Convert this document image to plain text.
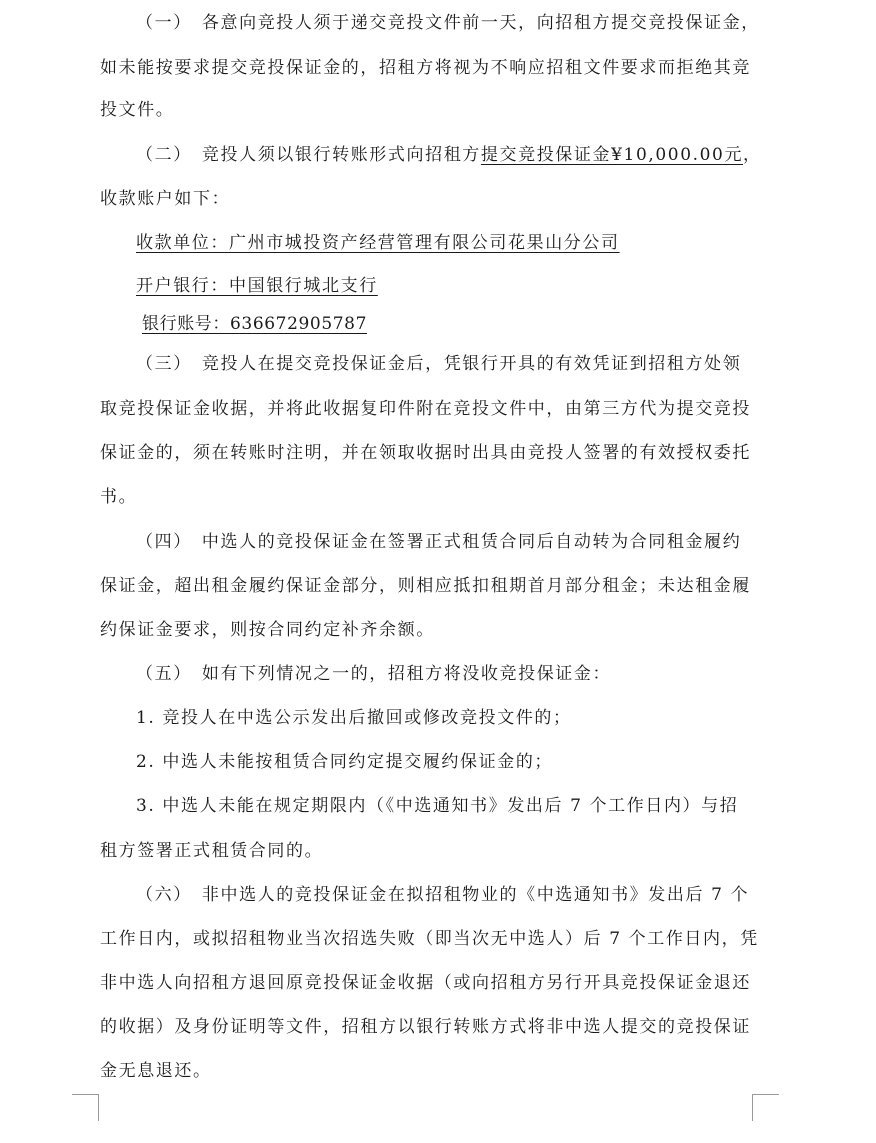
（一）　各意向竞投人须于递交竞投文件前一天，向招租方提交竞投保证金，
如未能按要求提交竞投保证金的，招租方将视为不响应招租文件要求而拒绝其竞
投文件。
（二）　竞投人须以银行转账形式向招租方提交竞投保证金¥10,000.00元，
收款账户如下：
收款单位：广州市城投资产经营管理有限公司花果山分公司
开户银行：中国银行城北支行
银行账号：636672905787
（三）　竞投人在提交竞投保证金后，凭银行开具的有效凭证到招租方处领
取竞投保证金收据，并将此收据复印件附在竞投文件中，由第三方代为提交竞投
保证金的，须在转账时注明，并在领取收据时出具由竞投人签署的有效授权委托
书。
（四）　中选人的竞投保证金在签署正式租赁合同后自动转为合同租金履约
保证金，超出租金履约保证金部分，则相应抵扣租期首月部分租金；未达租金履
约保证金要求，则按合同约定补齐余额。
（五）　如有下列情况之一的，招租方将没收竞投保证金：
1. 竞投人在中选公示发出后撤回或修改竞投文件的；
2. 中选人未能按租赁合同约定提交履约保证金的；
3. 中选人未能在规定期限内（《中选通知书》发出后 7 个工作日内）与招
租方签署正式租赁合同的。
（六）　非中选人的竞投保证金在拟招租物业的《中选通知书》发出后 7 个
工作日内，或拟招租物业当次招选失败（即当次无中选人）后 7 个工作日内，凭
非中选人向招租方退回原竞投保证金收据（或向招租方另行开具竞投保证金退还
的收据）及身份证明等文件，招租方以银行转账方式将非中选人提交的竞投保证
金无息退还。
